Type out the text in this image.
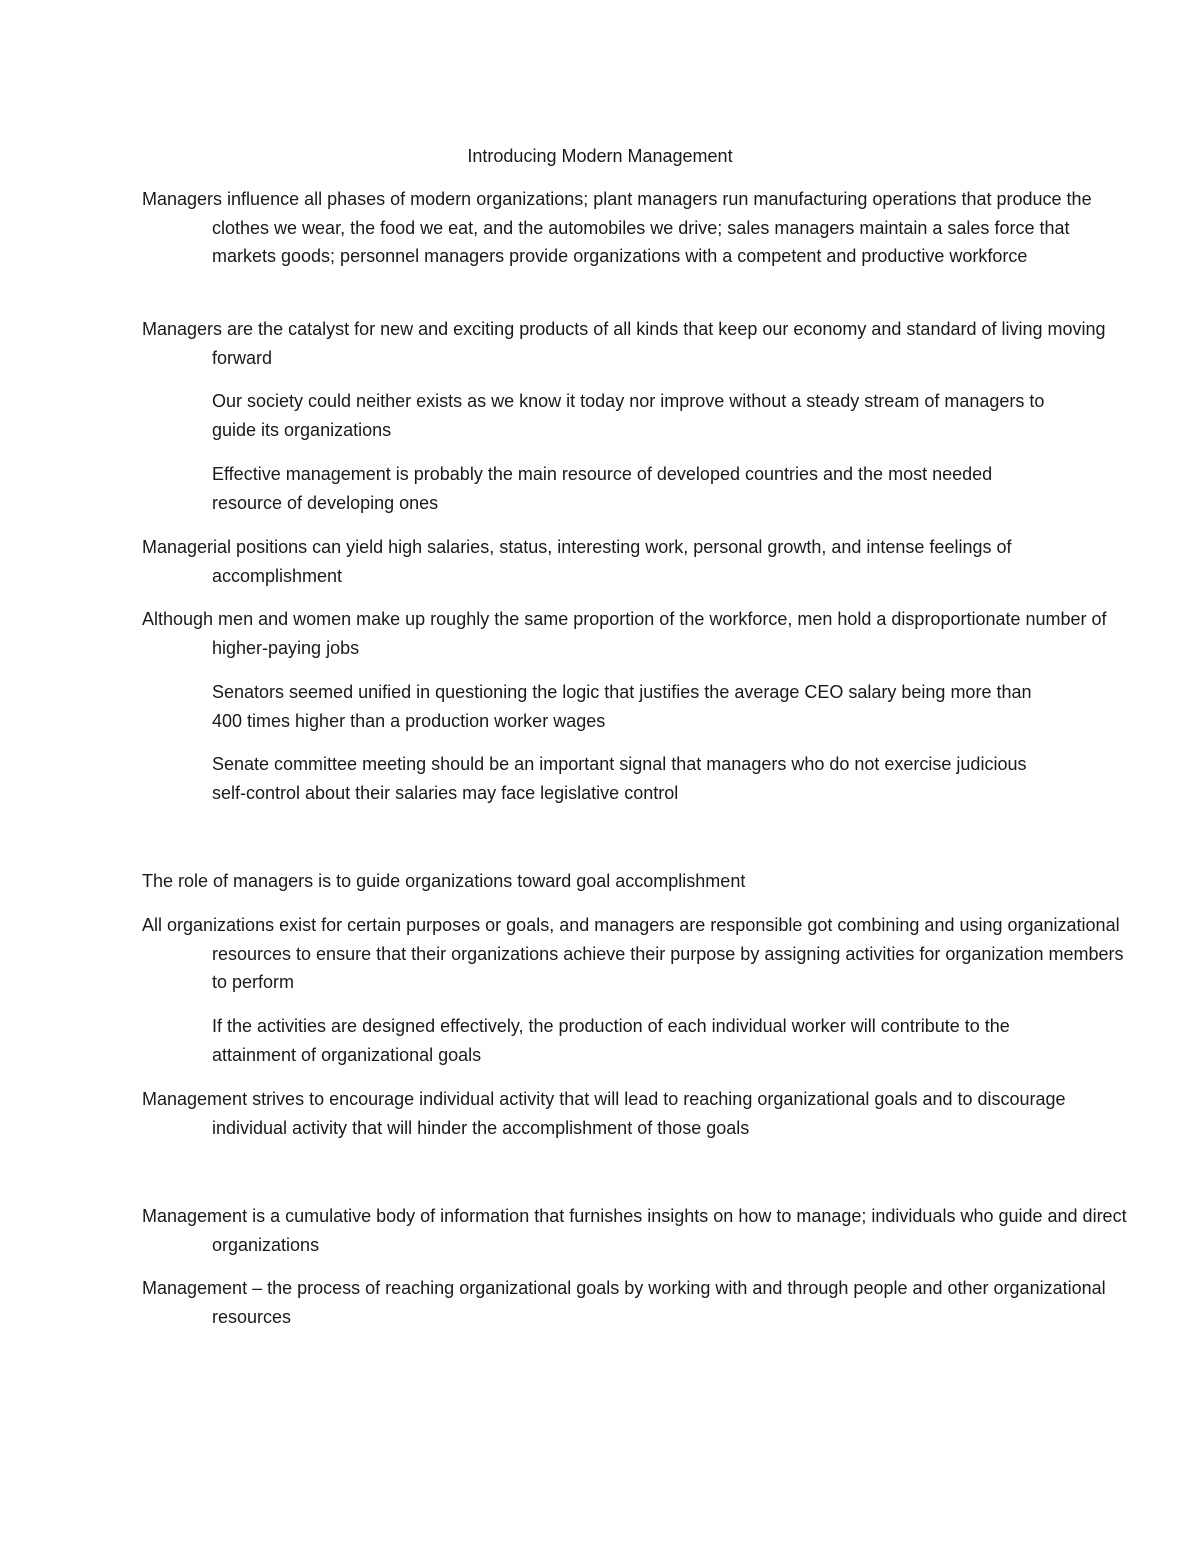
Introducing Modern Management

Managers influence all phases of modern organizations; plant managers run manufacturing operations that produce the clothes we wear, the food we eat, and the automobiles we drive; sales managers maintain a sales force that markets goods; personnel managers provide organizations with a competent and productive workforce

Managers are the catalyst for new and exciting products of all kinds that keep our economy and standard of living moving forward

Our society could neither exists as we know it today nor improve without a steady stream of managers to guide its organizations

Effective management is probably the main resource of developed countries and the most needed resource of developing ones

Managerial positions can yield high salaries, status, interesting work, personal growth, and intense feelings of accomplishment

Although men and women make up roughly the same proportion of the workforce, men hold a disproportionate number of higher-paying jobs

Senators seemed unified in questioning the logic that justifies the average CEO salary being more than 400 times higher than a production worker wages

Senate committee meeting should be an important signal that managers who do not exercise judicious self-control about their salaries may face legislative control

The role of managers is to guide organizations toward goal accomplishment

All organizations exist for certain purposes or goals, and managers are responsible got combining and using organizational resources to ensure that their organizations achieve their purpose by assigning activities for organization members to perform

If the activities are designed effectively, the production of each individual worker will contribute to the attainment of organizational goals

Management strives to encourage individual activity that will lead to reaching organizational goals and to discourage individual activity that will hinder the accomplishment of those goals

Management is a cumulative body of information that furnishes insights on how to manage; individuals who guide and direct organizations

Management – the process of reaching organizational goals by working with and through people and other organizational resources
